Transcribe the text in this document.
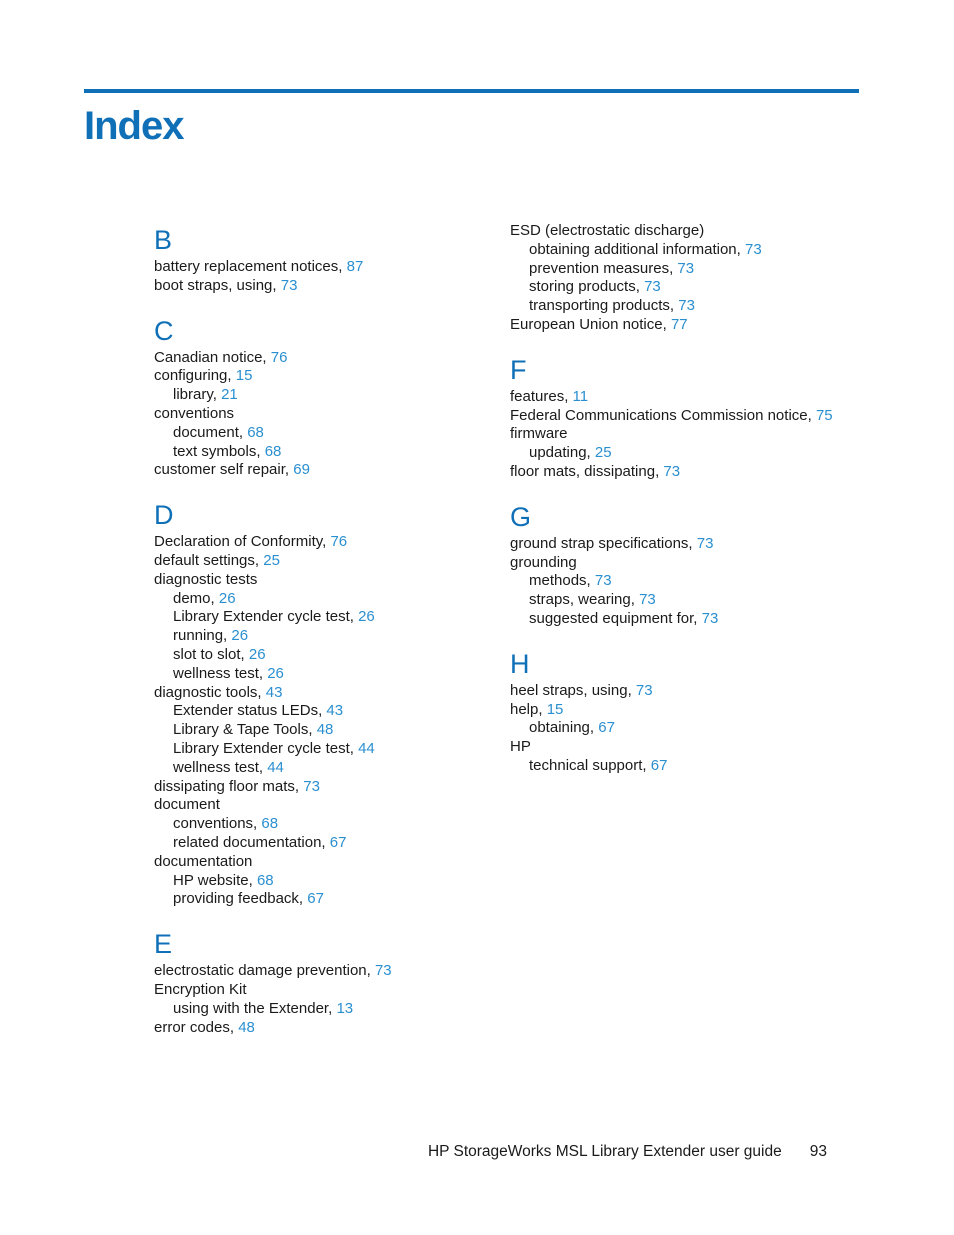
Index
B
battery replacement notices, 87
boot straps, using, 73
C
Canadian notice, 76
configuring, 15
library, 21
conventions
document, 68
text symbols, 68
customer self repair, 69
D
Declaration of Conformity, 76
default settings, 25
diagnostic tests
demo, 26
Library Extender cycle test, 26
running, 26
slot to slot, 26
wellness test, 26
diagnostic tools, 43
Extender status LEDs, 43
Library & Tape Tools, 48
Library Extender cycle test, 44
wellness test, 44
dissipating floor mats, 73
document
conventions, 68
related documentation, 67
documentation
HP website, 68
providing feedback, 67
E
electrostatic damage prevention, 73
Encryption Kit
using with the Extender, 13
error codes, 48
ESD (electrostatic discharge)
obtaining additional information, 73
prevention measures, 73
storing products, 73
transporting products, 73
European Union notice, 77
F
features, 11
Federal Communications Commission notice, 75
firmware
updating, 25
floor mats, dissipating, 73
G
ground strap specifications, 73
grounding
methods, 73
straps, wearing, 73
suggested equipment for, 73
H
heel straps, using, 73
help, 15
obtaining, 67
HP
technical support, 67
HP StorageWorks MSL Library Extender user guide 93
